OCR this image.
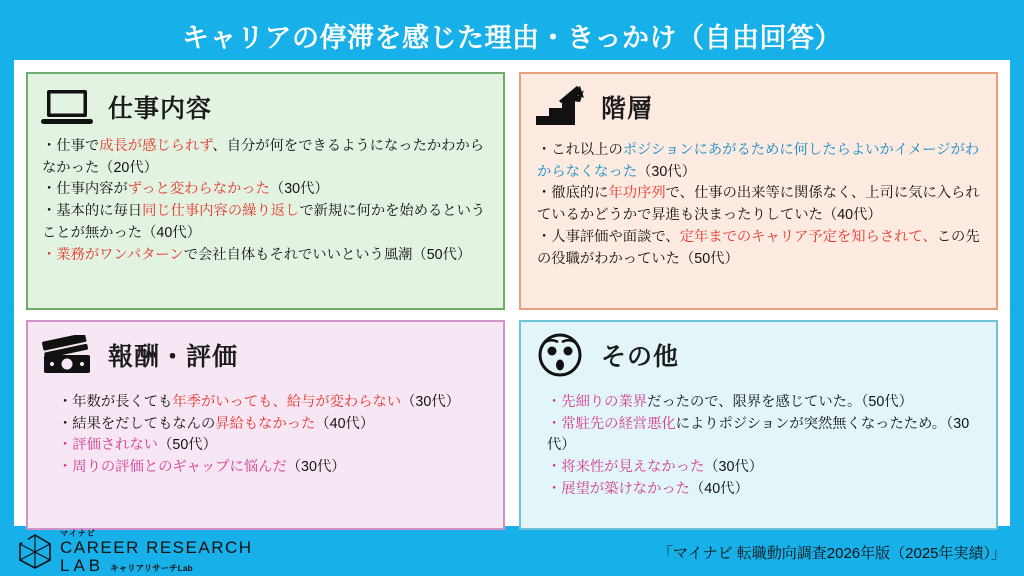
キャリアの停滞を感じた理由・きっかけ（自由回答）
仕事内容
・仕事で成長が感じられず、自分が何をできるようになったかわからなかった（20代）
・仕事内容がずっと変わらなかった（30代）
・基本的に毎日同じ仕事内容の繰り返しで新規に何かを始めるということが無かった（40代）
・業務がワンパターンで会社自体もそれでいいという風潮（50代）
階層
・これ以上のポジションにあがるために何したらよいかイメージがわからなくなった（30代）
・徹底的に年功序列で、仕事の出来等に関係なく、上司に気に入られているかどうかで昇進も決まったりしていた（40代）
・人事評価や面談で、定年までのキャリア予定を知らされて、この先の役職がわかっていた（50代）
報酬・評価
・年数が長くても年季がいっても、給与が変わらない（30代）
・結果をだしてもなんの昇給もなかった（40代）
・評価されない（50代）
・周りの評価とのギャップに悩んだ（30代）
その他
・先細りの業界だったので、限界を感じていた。（50代）
・常駐先の経営悪化によりポジションが突然無くなったため。（30代）
・将来性が見えなかった（30代）
・展望が築けなかった（40代）
マイナビ
CAREER RESEARCH
LAB キャリアリサーチLab
「マイナビ 転職動向調査2026年版（2025年実績）」
